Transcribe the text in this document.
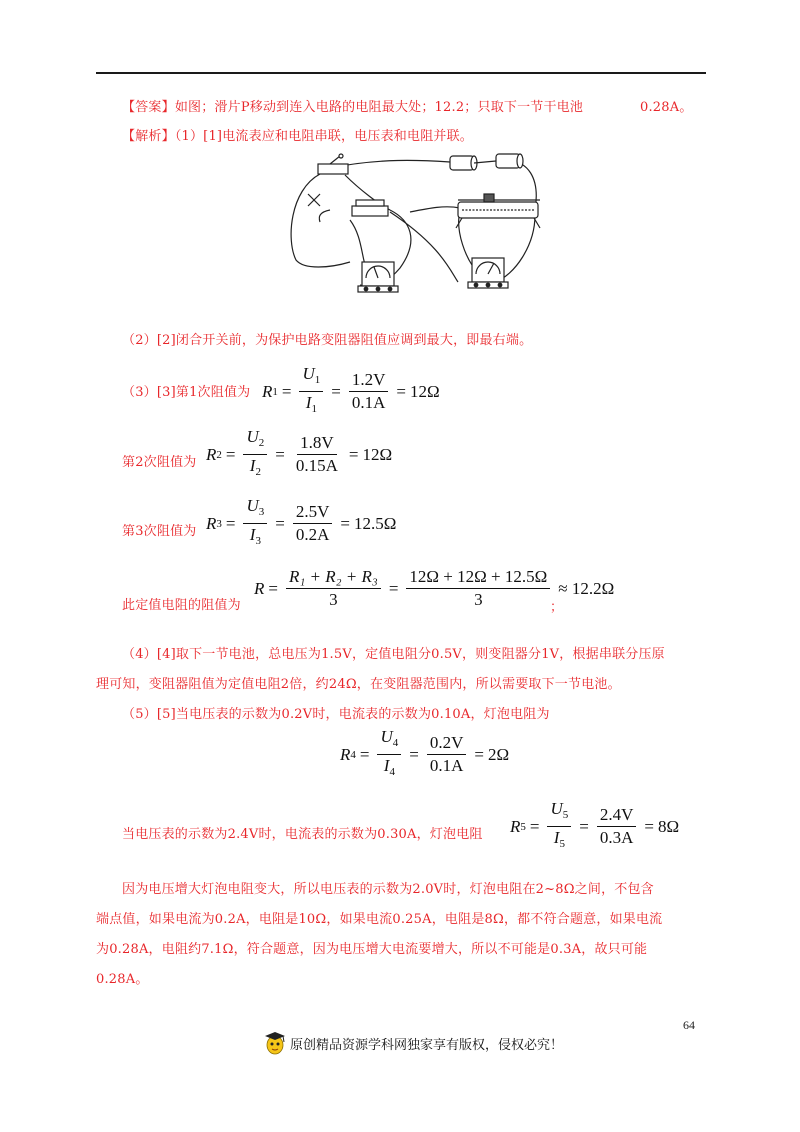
【答案】如图；滑片P移动到连入电路的电阻最大处；12.2；只取下一节干电池	0.28A。
【解析】（1）[1]电流表应和电阻串联，电压表和电阻并联。
（2）[2]闭合开关前，为保护电路变阻器阻值应调到最大，即最右端。
（3）[3]第1次阻值为 R $1 = \frac{U_1}{I_1} = \frac{1.2V}{0.1A} = 12\Omega$
第2次阻值为 R $2 = \frac{U_2}{I_2} = \frac{1.8V}{0.15A} = 12\Omega$
第3次阻值为 R $3 = \frac{U_3}{I_3} = \frac{2.5V}{0.2A} = 12.5\Omega$
此定值电阻的阻值为
$R = \frac{\text{R₁ + R₂ + R₃}}{3} = \frac{12\Omega + 12\Omega + 12.5\Omega}{3} \approx 12.2\Omega$
；
（4）[4]取下一节电池，总电压为1.5V，定值电阻分0.5V，则变阻器分1V，根据串联分压原
理可知，变阻器阻值为定值电阻2倍，约24Ω，在变阻器范围内，所以需要取下一节电池。
（5）[5]当电压表的示数为0.2V时，电流表的示数为0.10A，灯泡电阻为
R $4 = \frac{U_4}{I_4} = \frac{0.2V}{0.1A} = 2\Omega$
当电压表的示数为2.4V时，电流表的示数为0.30A，灯泡电阻 R $5 = \frac{U_5}{I_5} = \frac{2.4V}{0.3A} = 8\Omega$
因为电压增大灯泡电阻变大，所以电压表的示数为2.0V时，灯泡电阻在2~8Ω之间，不包含
端点值，如果电流为0.2A，电阻是10Ω，如果电流0.25A，电阻是8Ω，都不符合题意，如果电流
为0.28A，电阻约7.1Ω，符合题意，因为电压增大电流要增大，所以不可能是0.3A，故只可能
0.28A。
64
原创精品资源学科网独家享有版权，侵权必究！
